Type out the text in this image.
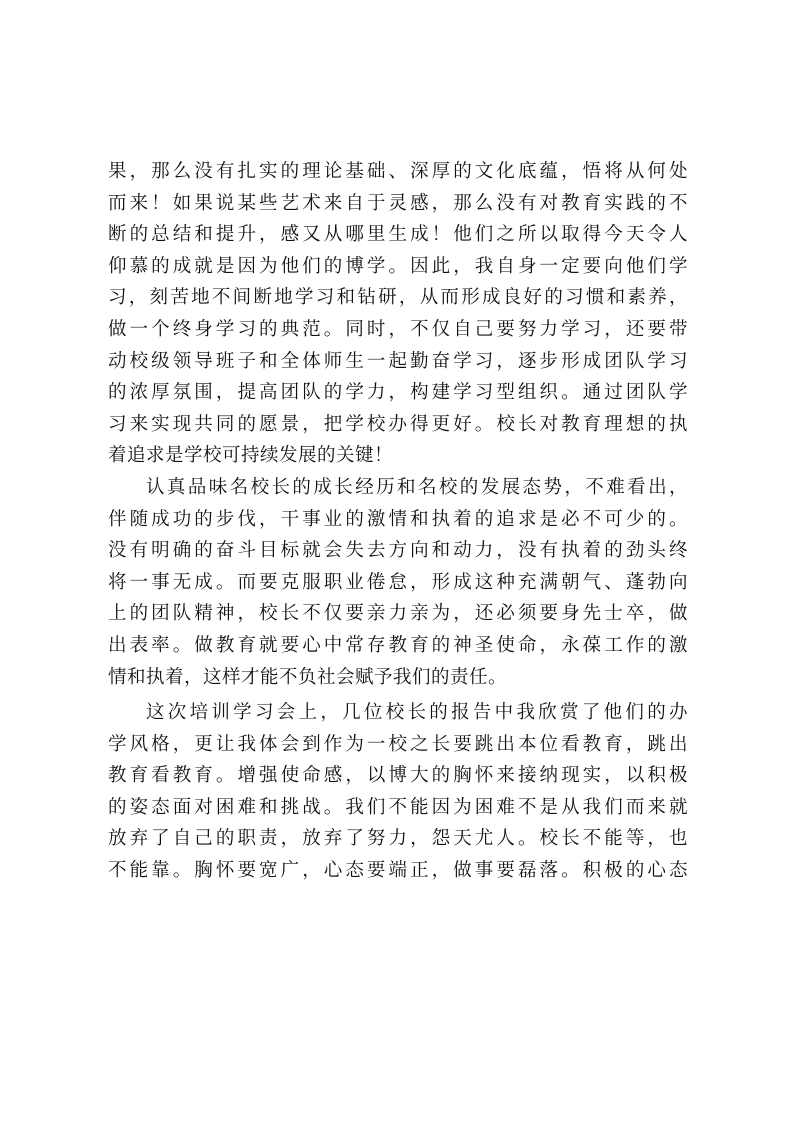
果，那么没有扎实的理论基础、深厚的文化底蕴，悟将从何处
而来！如果说某些艺术来自于灵感，那么没有对教育实践的不
断的总结和提升，感又从哪里生成！他们之所以取得今天令人
仰慕的成就是因为他们的博学。因此，我自身一定要向他们学
习，刻苦地不间断地学习和钻研，从而形成良好的习惯和素养，
做一个终身学习的典范。同时，不仅自己要努力学习，还要带
动校级领导班子和全体师生一起勤奋学习，逐步形成团队学习
的浓厚氛围，提高团队的学力，构建学习型组织。通过团队学
习来实现共同的愿景，把学校办得更好。校长对教育理想的执
着追求是学校可持续发展的关键！
认真品味名校长的成长经历和名校的发展态势，不难看出，
伴随成功的步伐，干事业的激情和执着的追求是必不可少的。
没有明确的奋斗目标就会失去方向和动力，没有执着的劲头终
将一事无成。而要克服职业倦怠，形成这种充满朝气、蓬勃向
上的团队精神，校长不仅要亲力亲为，还必须要身先士卒，做
出表率。做教育就要心中常存教育的神圣使命，永葆工作的激
情和执着，这样才能不负社会赋予我们的责任。
这次培训学习会上，几位校长的报告中我欣赏了他们的办
学风格，更让我体会到作为一校之长要跳出本位看教育，跳出
教育看教育。增强使命感，以博大的胸怀来接纳现实，以积极
的姿态面对困难和挑战。我们不能因为困难不是从我们而来就
放弃了自己的职责，放弃了努力，怨天尤人。校长不能等，也
不能靠。胸怀要宽广，心态要端正，做事要磊落。积极的心态
